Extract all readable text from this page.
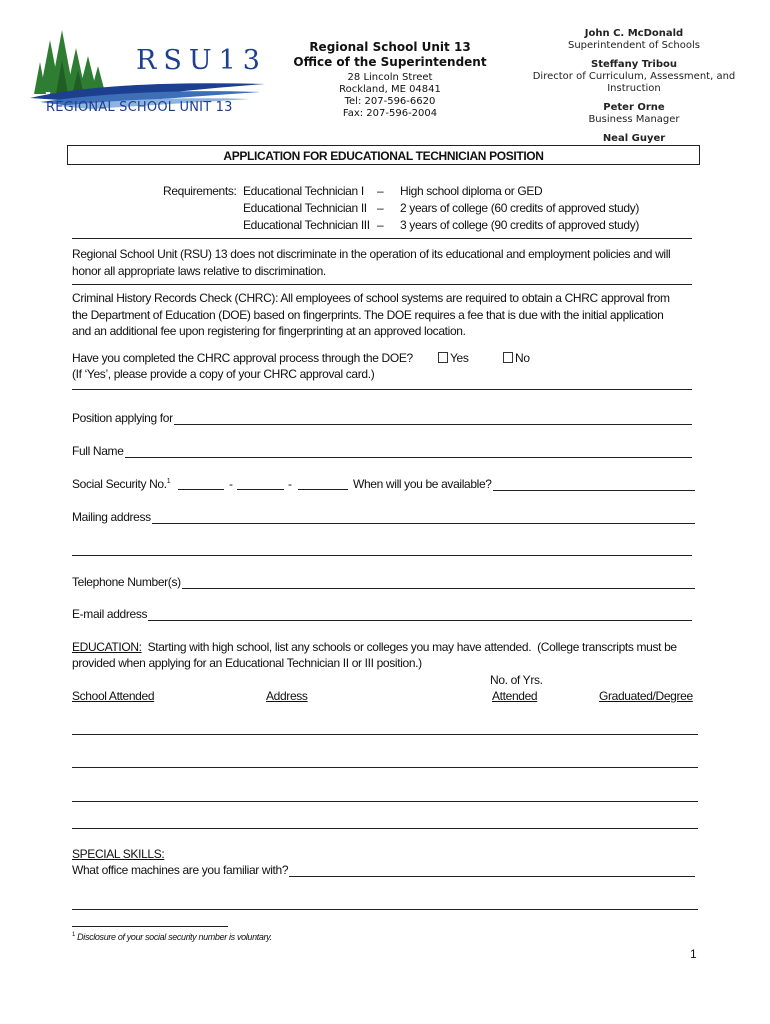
RSU13
REGIONAL SCHOOL UNIT 13
Regional School Unit 13
Office of the Superintendent
28 Lincoln Street
Rockland, ME 04841
Tel: 207-596-6620
Fax: 207-596-2004
John C. McDonald
Superintendent of Schools
Steffany Tribou
Director of Curriculum, Assessment, and
Instruction
Peter Orne
Business Manager
Neal Guyer
APPLICATION FOR EDUCATIONAL TECHNICIAN POSITION
Requirements: Educational Technician I – High school diploma or GED
Educational Technician II – 2 years of college (60 credits of approved study)
Educational Technician III – 3 years of college (90 credits of approved study)
Regional School Unit (RSU) 13 does not discriminate in the operation of its educational and employment policies and will
honor all appropriate laws relative to discrimination.
Criminal History Records Check (CHRC): All employees of school systems are required to obtain a CHRC approval from
the Department of Education (DOE) based on fingerprints. The DOE requires a fee that is due with the initial application
and an additional fee upon registering for fingerprinting at an approved location.
Have you completed the CHRC approval process through the DOE?	Yes	No
(If ‘Yes’, please provide a copy of your CHRC approval card.)
Position applying for
Full Name
Social Security No.$^1$	-	-	When will you be available?
Mailing address
Telephone Number(s)
E-mail address
EDUCATION:  Starting with high school, list any schools or colleges you may have attended.  (College transcripts must be
provided when applying for an Educational Technician II or III position.)
No. of Yrs.
School Attended	Address	Attended	Graduated/Degree
SPECIAL SKILLS:
What office machines are you familiar with?
$^1$ Disclosure of your social security number is voluntary.
1
